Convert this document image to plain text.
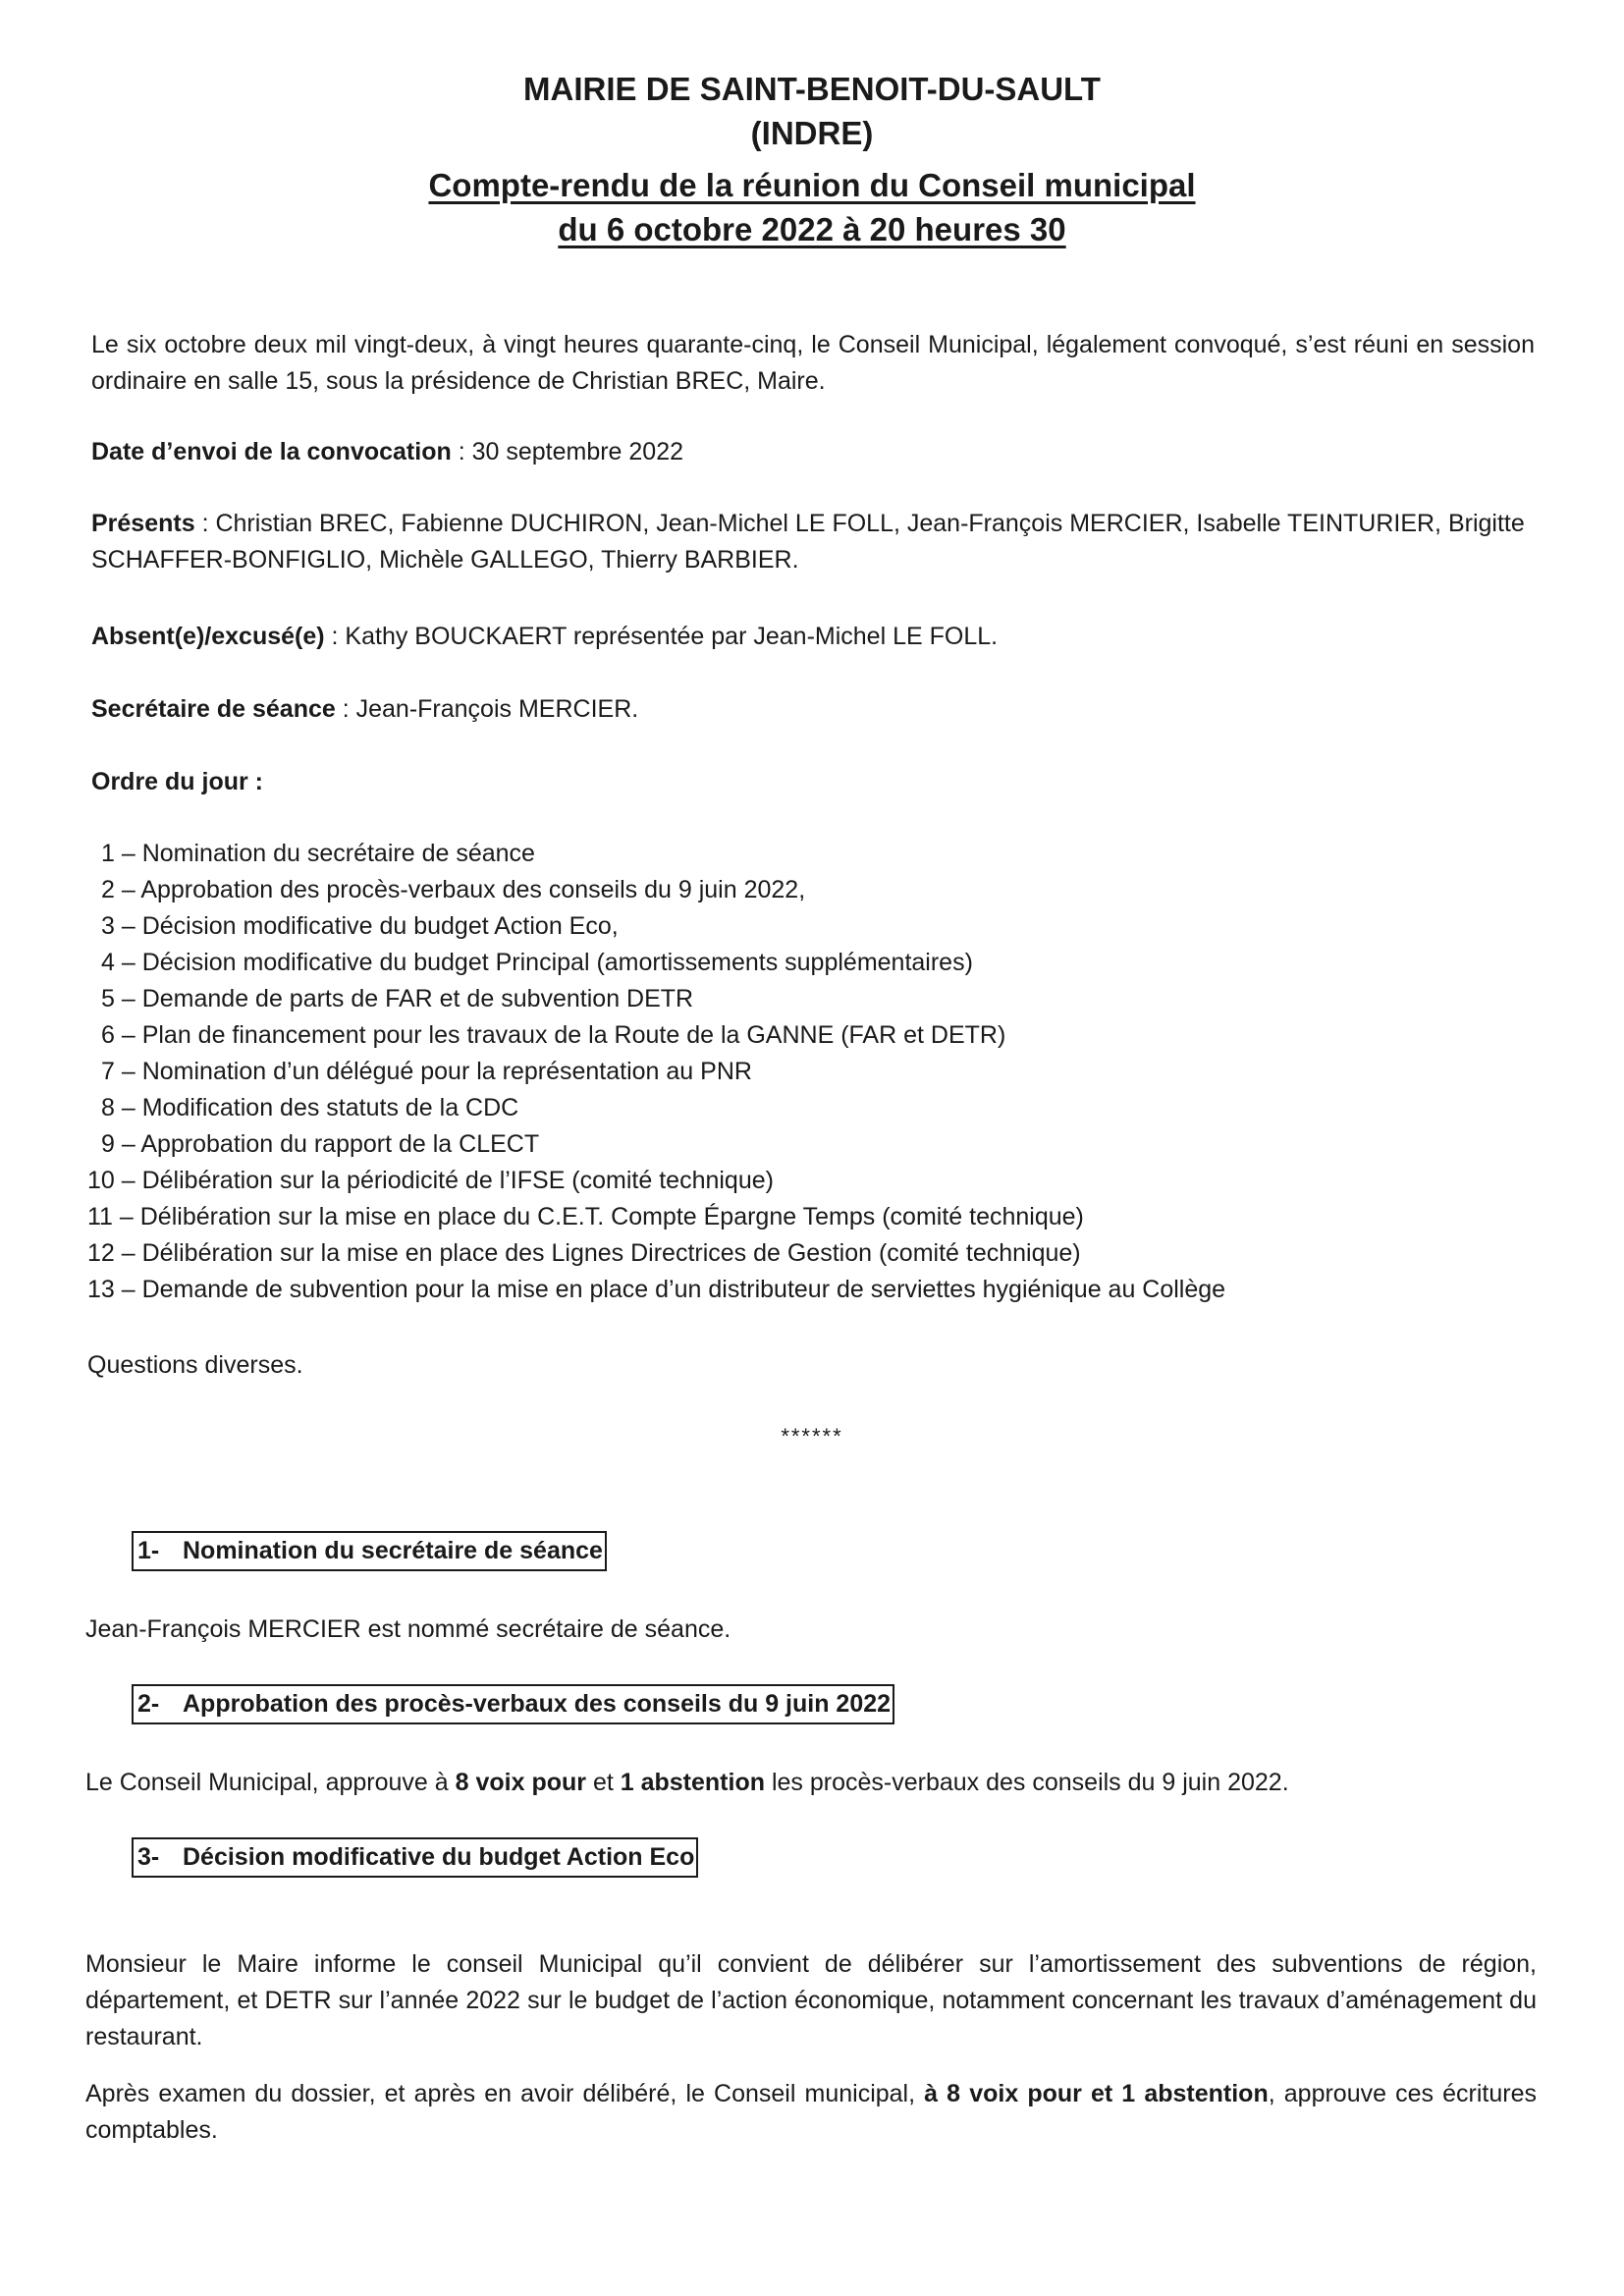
MAIRIE DE SAINT-BENOIT-DU-SAULT
(INDRE)
Compte-rendu de la réunion du Conseil municipal
du 6 octobre 2022 à 20 heures 30
Le six octobre deux mil vingt-deux, à vingt heures quarante-cinq, le Conseil Municipal, légalement convoqué, s’est réuni en session ordinaire en salle 15, sous la présidence de Christian BREC, Maire.
Date d’envoi de la convocation : 30 septembre 2022
Présents : Christian BREC, Fabienne DUCHIRON, Jean-Michel LE FOLL, Jean-François MERCIER, Isabelle TEINTURIER, Brigitte SCHAFFER-BONFIGLIO, Michèle GALLEGO, Thierry BARBIER.
Absent(e)/excusé(e) : Kathy BOUCKAERT représentée par Jean-Michel LE FOLL.
Secrétaire de séance : Jean-François MERCIER.
Ordre du jour :
1 – Nomination du secrétaire de séance
2 – Approbation des procès-verbaux des conseils du 9 juin 2022,
3 – Décision modificative du budget Action Eco,
4 – Décision modificative du budget Principal (amortissements supplémentaires)
5 – Demande de parts de FAR et de subvention DETR
6 – Plan de financement pour les travaux de la Route de la GANNE (FAR et DETR)
7 – Nomination d’un délégué pour la représentation au PNR
8 – Modification des statuts de la CDC
9 – Approbation du rapport de la CLECT
10 – Délibération sur la périodicité de l’IFSE (comité technique)
11 – Délibération sur la mise en place du C.E.T. Compte Épargne Temps (comité technique)
12 – Délibération sur la mise en place des Lignes Directrices de Gestion (comité technique)
13 – Demande de subvention pour la mise en place d’un distributeur de serviettes hygiénique au Collège
Questions diverses.
******
1- Nomination du secrétaire de séance
Jean-François MERCIER est nommé secrétaire de séance.
2- Approbation des procès-verbaux des conseils du 9 juin 2022
Le Conseil Municipal, approuve à 8 voix pour et 1 abstention les procès-verbaux des conseils du 9 juin 2022.
3- Décision modificative du budget Action Eco
Monsieur le Maire informe le conseil Municipal qu’il convient de délibérer sur l’amortissement des subventions de région, département, et DETR sur l’année 2022 sur le budget de l’action économique, notamment concernant les travaux d’aménagement du restaurant.
Après examen du dossier, et après en avoir délibéré, le Conseil municipal, à 8 voix pour et 1 abstention, approuve ces écritures comptables.
